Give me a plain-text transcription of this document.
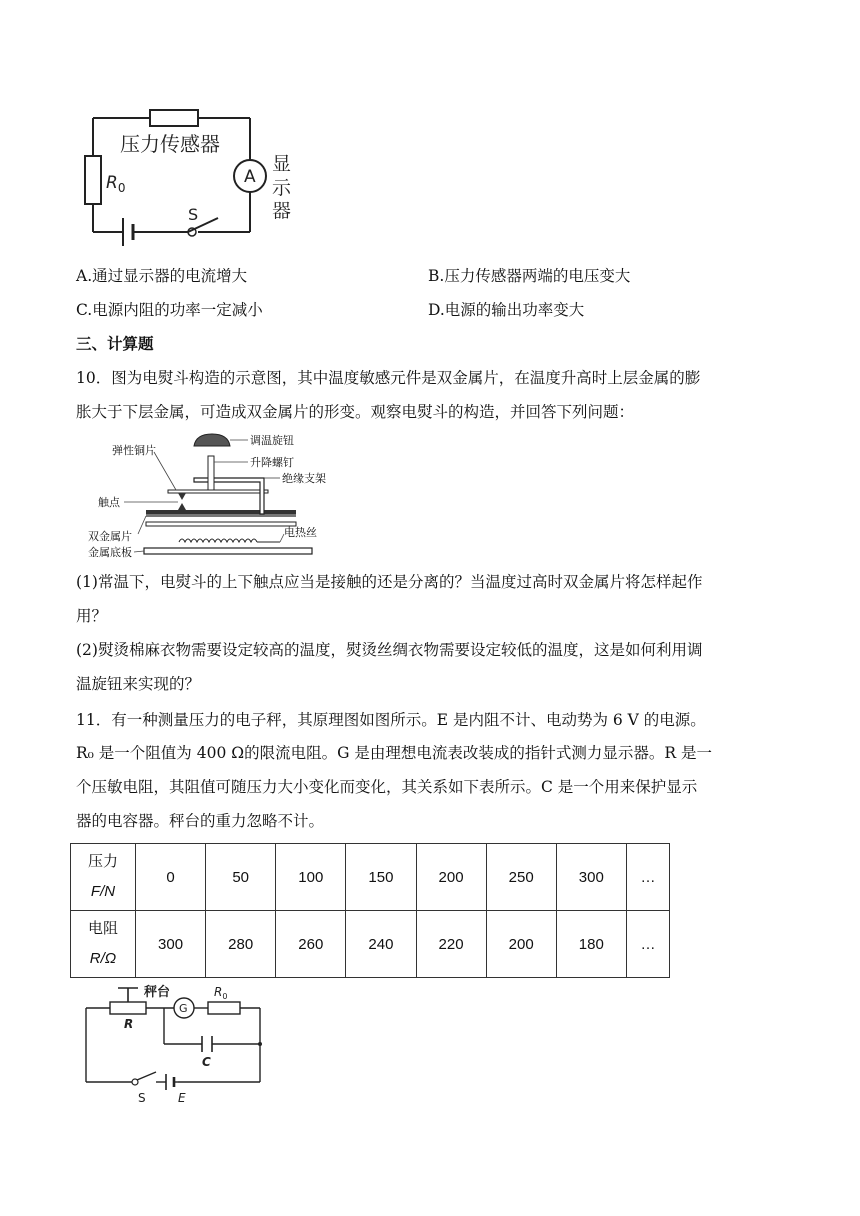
压力传感器
$R_0$
A
S
显
示
器
A.通过显示器的电流增大	B.压力传感器两端的电压变大
C.电源内阻的功率一定减小	D.电源的输出功率变大
三、计算题
10．图为电熨斗构造的示意图，其中温度敏感元件是双金属片，在温度升高时上层金属的膨
胀大于下层金属，可造成双金属片的形变。观察电熨斗的构造，并回答下列问题：
调温旋钮
升降螺钉
弹性铜片
绝缘支架
触点
电热丝
双金属片
金属底板
(1)常温下，电熨斗的上下触点应当是接触的还是分离的？当温度过高时双金属片将怎样起作
用？
(2)熨烫棉麻衣物需要设定较高的温度，熨烫丝绸衣物需要设定较低的温度，这是如何利用调
温旋钮来实现的？
11．有一种测量压力的电子秤，其原理图如图所示。E 是内阻不计、电动势为 6 V 的电源。
R₀ 是一个阻值为 400 Ω的限流电阻。G 是由理想电流表改装成的指针式测力显示器。R 是一
个压敏电阻，其阻值可随压力大小变化而变化，其关系如下表所示。C 是一个用来保护显示
器的电容器。秤台的重力忽略不计。
压力
F/N	0	50	100	150	200	250	300	…

电阻
R/Ω	300	280	260	240	220	200	180	…
秤台	$R_0$
R
G
C
S	E
